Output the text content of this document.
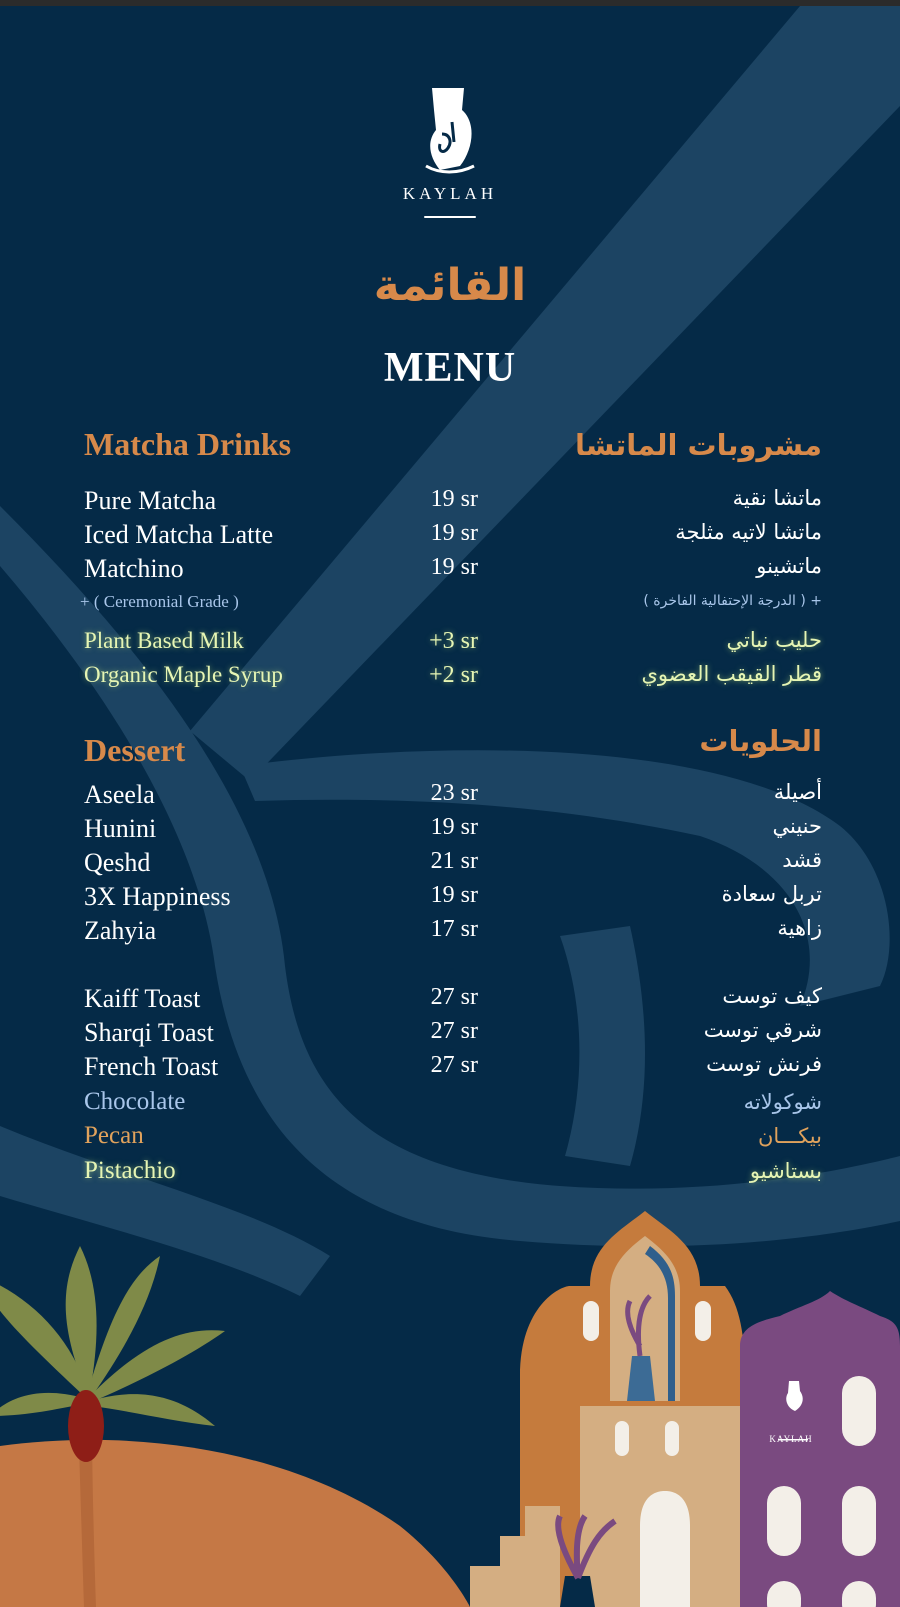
KAYLAH
القائمة
MENU
Matcha Drinks	مشروبات الماتشا
Pure Matcha	19 sr	ماتشا نقية
Iced Matcha Latte	19 sr	ماتشا لاتيه مثلجة
Matchino	19 sr	ماتشينو
+ ( Ceremonial Grade )	+ ( الدرجة الإحتفالية الفاخرة )
Plant Based Milk	+3 sr	حليب نباتي
Organic Maple Syrup	+2 sr	قطر القيقب العضوي
Dessert	الحلويات
Aseela	23 sr	أصيلة
Hunini	19 sr	حنيني
Qeshd	21 sr	قشد
3X Happiness	19 sr	تربل سعادة
Zahyia	17 sr	زاهية
Kaiff Toast	27 sr	كيف توست
Sharqi Toast	27 sr	شرقي توست
French Toast	27 sr	فرنش توست
Chocolate	شوكولاته
Pecan	بيكـــان
Pistachio	بستاشيو
KAYLAH
